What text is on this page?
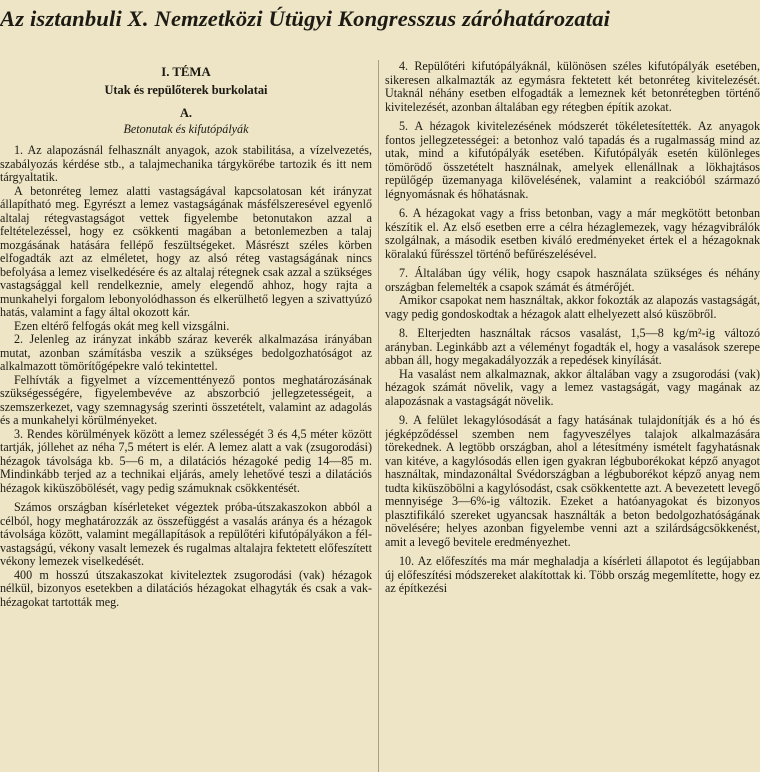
Az isztanbuli X. Nemzetközi Útügyi Kongresszus zárόhatározatai

I. TÉMA

Utak és repülőterek burkolatai

A.

Betonutak és kifutópályák

1. Az alapozásnál felhasznált anyagok, azok stabilitása, a vízelvezetés, szabályozás kérdése stb., a talajmechanika tárgykörébe tartozik és itt nem tárgyaltatik.

A betonréteg lemez alatti vastagságával kapcsolatosan két irányzat állapítható meg. Egyrészt a lemez vastagságának másfélszeresével egyenlő altalaj rétegvastagságot vettek figyelembe betonutakon azzal a feltételezéssel, hogy ez csökkenti magában a betonlemezben a talaj mozgásának hatására fellépő feszültségeket. Másrészt széles körben elfogadták azt az elméletet, hogy az alsó réteg vastagságának nincs befolyása a lemez viselkedésére és az altalaj rétegnek csak azzal a szükséges vastagsággal kell rendelkeznie, amely elegendő ahhoz, hogy rajta a munkahelyi forgalom lebonyolódhasson és elkerülhető legyen a szivattyúzó hatás, valamint a fagy által okozott kár.

Ezen eltérő felfogás okát meg kell vizsgálni.

2. Jelenleg az irányzat inkább száraz keverék alkalmazása irányában mutat, azonban számításba veszik a szükséges bedolgozhatóságot az alkalmazott tömörítőgépekre való tekintettel.

Felhívták a figyelmet a vízcementtényező pontos meghatározásának szükségességére, figyelembevéve az abszorbció jellegzetességeit, a szemszerkezet, vagy szemnagyság szerinti összetételt, valamint az adagolás és a munkahelyi körülményeket.

3. Rendes körülmények között a lemez szélességét 3 és 4,5 méter között tartják, jóllehet az néha 7,5 métert is elér. A lemez alatt a vak (zsugorodási) hézagok távolsága kb. 5—6 m, a dilatációs hézagoké pedig 14—85 m. Mindinkább terjed az a technikai eljárás, amely lehetővé teszi a dilatációs hézagok kiküszöbölését, vagy pedig számuknak csökkentését.

Számos országban kísérleteket végeztek próba-útszakaszokon abból a célból, hogy meghatározzák az összefüggést a vasalás aránya és a hézagok távolsága között, valamint megállapítások a repülőtéri kifutópályákon a fél-vastagságú, vékony vasalt lemezek és rugalmas altalajra fektetett előfeszített vékony lemezek viselkedését.

400 m hosszú útszakaszokat kiviteleztek zsugorodási (vak) hézagok nélkül, bizonyos esetekben a dilatációs hézagokat elhagyták és csak a vak-hézagokat tartották meg.

4. Repülőtéri kifutópályáknál, különösen széles kifutópályák esetében, sikeresen alkalmazták az egymásra fektetett két betonréteg kivitelezését. Utaknál néhány esetben elfogadták a lemeznek két betonrétegben történő kivitelezését, azonban általában egy rétegben építik azokat.

5. A hézagok kivitelezésének módszerét tökéletesítették. Az anyagok fontos jellegzetességei: a betonhoz való tapadás és a rugalmasság mind az utak, mind a kifutópályák esetében. Kifutópályák esetén különleges tömörödő összetételt használnak, amelyek ellenállnak a lökhajtásos repülőgép üzemanyaga kilövelésének, valamint a reakcióból származó légnyomásnak és hőhatásnak.

6. A hézagokat vagy a friss betonban, vagy a már megkötött betonban készítik el. Az első esetben erre a célra hézaglemezek, vagy hézagvibrálók szolgálnak, a második esetben kiváló eredményeket értek el a hézagoknak köralakú fűrésszel történő befűrészelésével.

7. Általában úgy vélik, hogy csapok használata szükséges és néhány országban felemelték a csapok számát és átmérőjét.

Amikor csapokat nem használtak, akkor fokozták az alapozás vastagságát, vagy pedig gondoskodtak a hézagok alatt elhelyezett alsó küszöbről.

8. Elterjedten használtak rácsos vasalást, 1,5—8 kg/m²-ig változó arányban. Leginkább azt a véleményt fogadták el, hogy a vasalások szerepe abban áll, hogy megakadályozzák a repedések kinyílását.

Ha vasalást nem alkalmaznak, akkor általában vagy a zsugorodási (vak) hézagok számát növelik, vagy a lemez vastagságát, vagy magának az alapozásnak a vastagságát növelik.

9. A felület lekagylósodását a fagy hatásának tulajdonítják és a hó és jégképződéssel szemben nem fagyveszélyes talajok alkalmazására törekednek. A legtöbb országban, ahol a létesítmény ismételt fagyhatásnak van kitéve, a kagylósodás ellen igen gyakran légbuborékokat képző anyagot használtak, mindazonáltal Svédországban a légbuborékot képző anyag nem tudta kiküszöbölni a kagylósodást, csak csökkentette azt. A bevezetett levegő mennyisége 3—6%-ig változik. Ezeket a hatóanyagokat és bizonyos plasztifikáló szereket ugyancsak használták a beton bedolgozhatóságának növelésére; helyes azonban figyelembe venni azt a szilárdságcsökkenést, amit a levegő bevitele eredményezhet.

10. Az előfeszítés ma már meghaladja a kísérleti állapotot és legújabban új előfeszítési módszereket alakítottak ki. Több ország megemlítette, hogy ez az építkezési
